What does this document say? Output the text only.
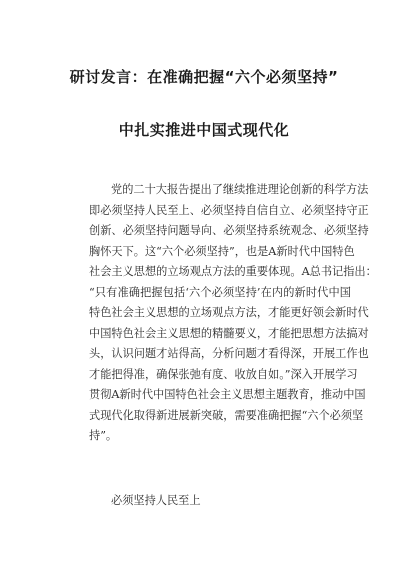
研讨发言：在准确把握“六个必须坚持”
中扎实推进中国式现代化
党的二十大报告提出了继续推进理论创新的科学方法
即必须坚持人民至上、必须坚持自信自立、必须坚持守正
创新、必须坚持问题导向、必须坚持系统观念、必须坚持
胸怀天下。这“六个必须坚持”，也是A新时代中国特色
社会主义思想的立场观点方法的重要体现。A总书记指出：
“只有准确把握包括‘六个必须坚持’在内的新时代中国
特色社会主义思想的立场观点方法，才能更好领会新时代
中国特色社会主义思想的精髓要义，才能把思想方法搞对
头，认识问题才站得高，分析问题才看得深，开展工作也
才能把得准，确保张弛有度、收放自如。”深入开展学习
贯彻A新时代中国特色社会主义思想主题教育，推动中国
式现代化取得新进展新突破，需要准确把握“六个必须坚
持”。
必须坚持人民至上
